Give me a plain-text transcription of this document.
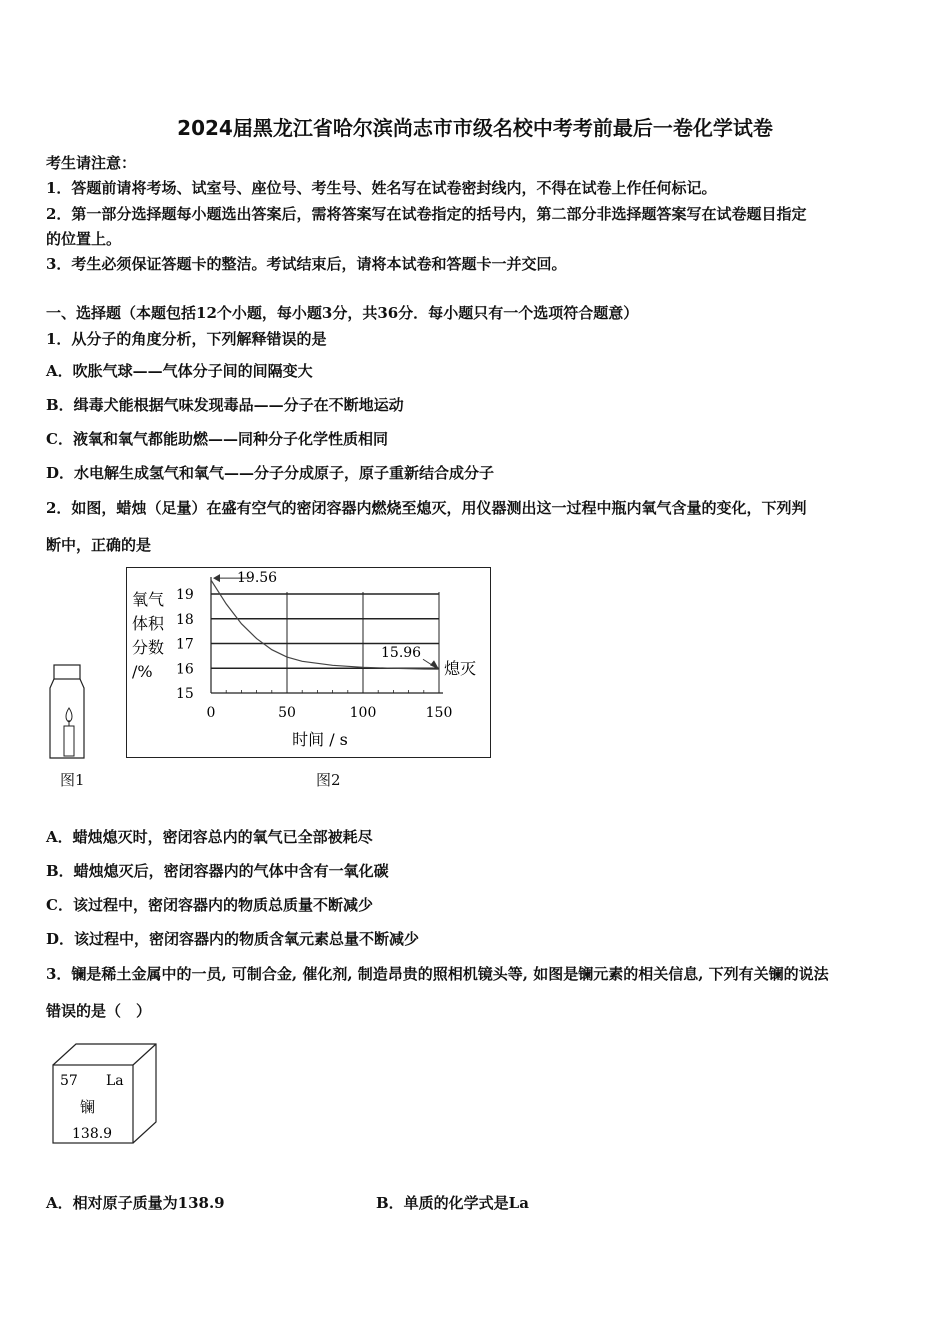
2024届黑龙江省哈尔滨尚志市市级名校中考考前最后一卷化学试卷
考生请注意：
1．答题前请将考场、试室号、座位号、考生号、姓名写在试卷密封线内，不得在试卷上作任何标记。
2．第一部分选择题每小题选出答案后，需将答案写在试卷指定的括号内，第二部分非选择题答案写在试卷题目指定
的位置上。
3．考生必须保证答题卡的整洁。考试结束后，请将本试卷和答题卡一并交回。
一、选择题（本题包括12个小题，每小题3分，共36分．每小题只有一个选项符合题意）
1．从分子的角度分析，下列解释错误的是
A．吹胀气球——气体分子间的间隔变大
B．缉毒犬能根据气味发现毒品——分子在不断地运动
C．液氧和氧气都能助燃——同种分子化学性质相同
D．水电解生成氢气和氧气——分子分成原子，原子重新结合成分子
2．如图，蜡烛（足量）在盛有空气的密闭容器内燃烧至熄灭，用仪器测出这一过程中瓶内氧气含量的变化，下列判
断中，正确的是
图1
15
16
17
18
19
0	50	100	150
时间 / s
氧气
体积
分数
/%
19.56
15.96
熄灭
图2
A．蜡烛熄灭时，密闭容总内的氧气已全部被耗尽
B．蜡烛熄灭后，密闭容器内的气体中含有一氧化碳
C．该过程中，密闭容器内的物质总质量不断减少
D．该过程中，密闭容器内的物质含氧元素总量不断减少
3．镧是稀土金属中的一员, 可制合金, 催化剂, 制造昂贵的照相机镜头等, 如图是镧元素的相关信息, 下列有关镧的说法
错误的是（　）
57 La
镧
138.9
A．相对原子质量为138.9	B．单质的化学式是La
